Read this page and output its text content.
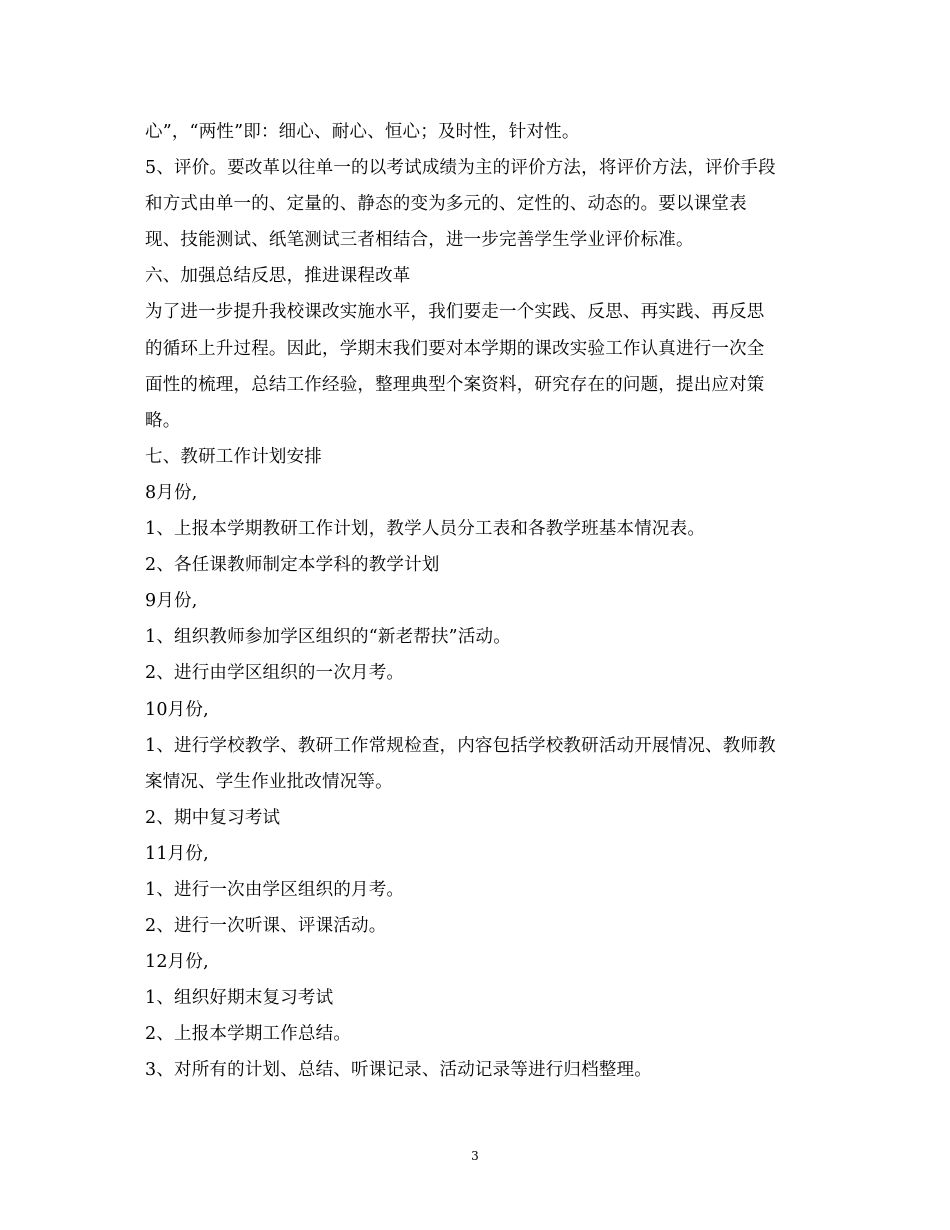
心”，“两性”即：细心、耐心、恒心；及时性，针对性。
5、评价。要改革以往单一的以考试成绩为主的评价方法，将评价方法，评价手段
和方式由单一的、定量的、静态的变为多元的、定性的、动态的。要以课堂表
现、技能测试、纸笔测试三者相结合，进一步完善学生学业评价标准。
六、加强总结反思，推进课程改革
为了进一步提升我校课改实施水平，我们要走一个实践、反思、再实践、再反思
的循环上升过程。因此，学期末我们要对本学期的课改实验工作认真进行一次全
面性的梳理，总结工作经验，整理典型个案资料，研究存在的问题，提出应对策
略。
七、教研工作计划安排
8月份,
1、上报本学期教研工作计划，教学人员分工表和各教学班基本情况表。
2、各任课教师制定本学科的教学计划
9月份,
1、组织教师参加学区组织的“新老帮扶”活动。
2、进行由学区组织的一次月考。
10月份,
1、进行学校教学、教研工作常规检查，内容包括学校教研活动开展情况、教师教
案情况、学生作业批改情况等。
2、期中复习考试
11月份,
1、进行一次由学区组织的月考。
2、进行一次听课、评课活动。
12月份,
1、组织好期末复习考试
2、上报本学期工作总结。
3、对所有的计划、总结、听课记录、活动记录等进行归档整理。
3
